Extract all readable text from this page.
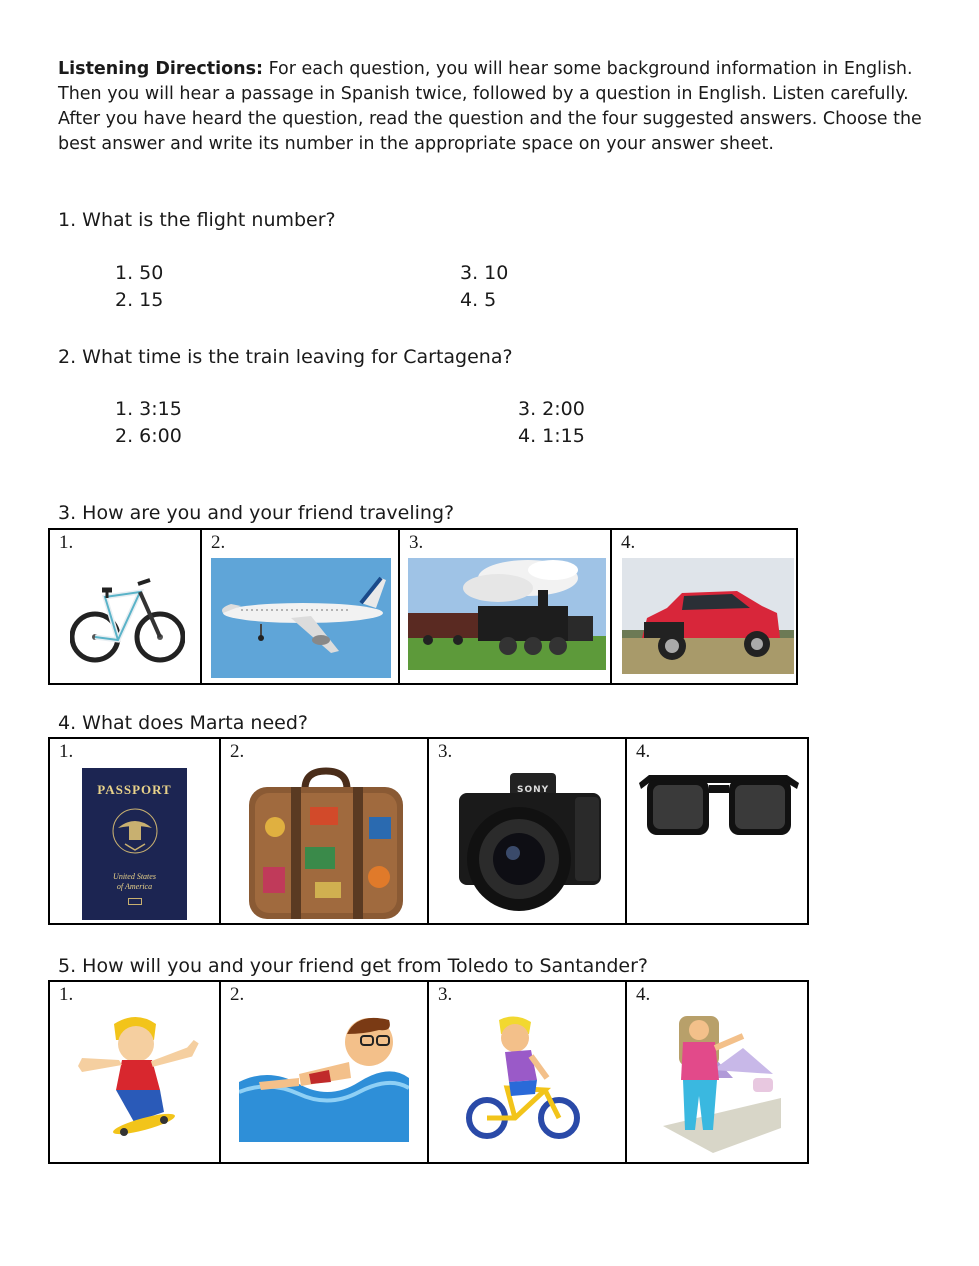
Listening Directions: For each question, you will hear some background information in English. Then you will hear a passage in Spanish twice, followed by a question in English. Listen carefully. After you have heard the question, read the question and the four suggested answers. Choose the best answer and write its number in the appropriate space on your answer sheet.
1. What is the flight number?
1. 50
2. 15
3. 10
4. 5
2. What time is the train leaving for Cartagena?
1. 3:15
2. 6:00
3. 2:00
4. 1:15
3. How are you and your friend traveling?
1.	2.	3.	4.
4. What does Marta need?
1.
PASSPORT
United States
of America

2.	3.
SONY

4.
5. How will you and your friend get from Toledo to Santander?
1.	2.	3.	4.
